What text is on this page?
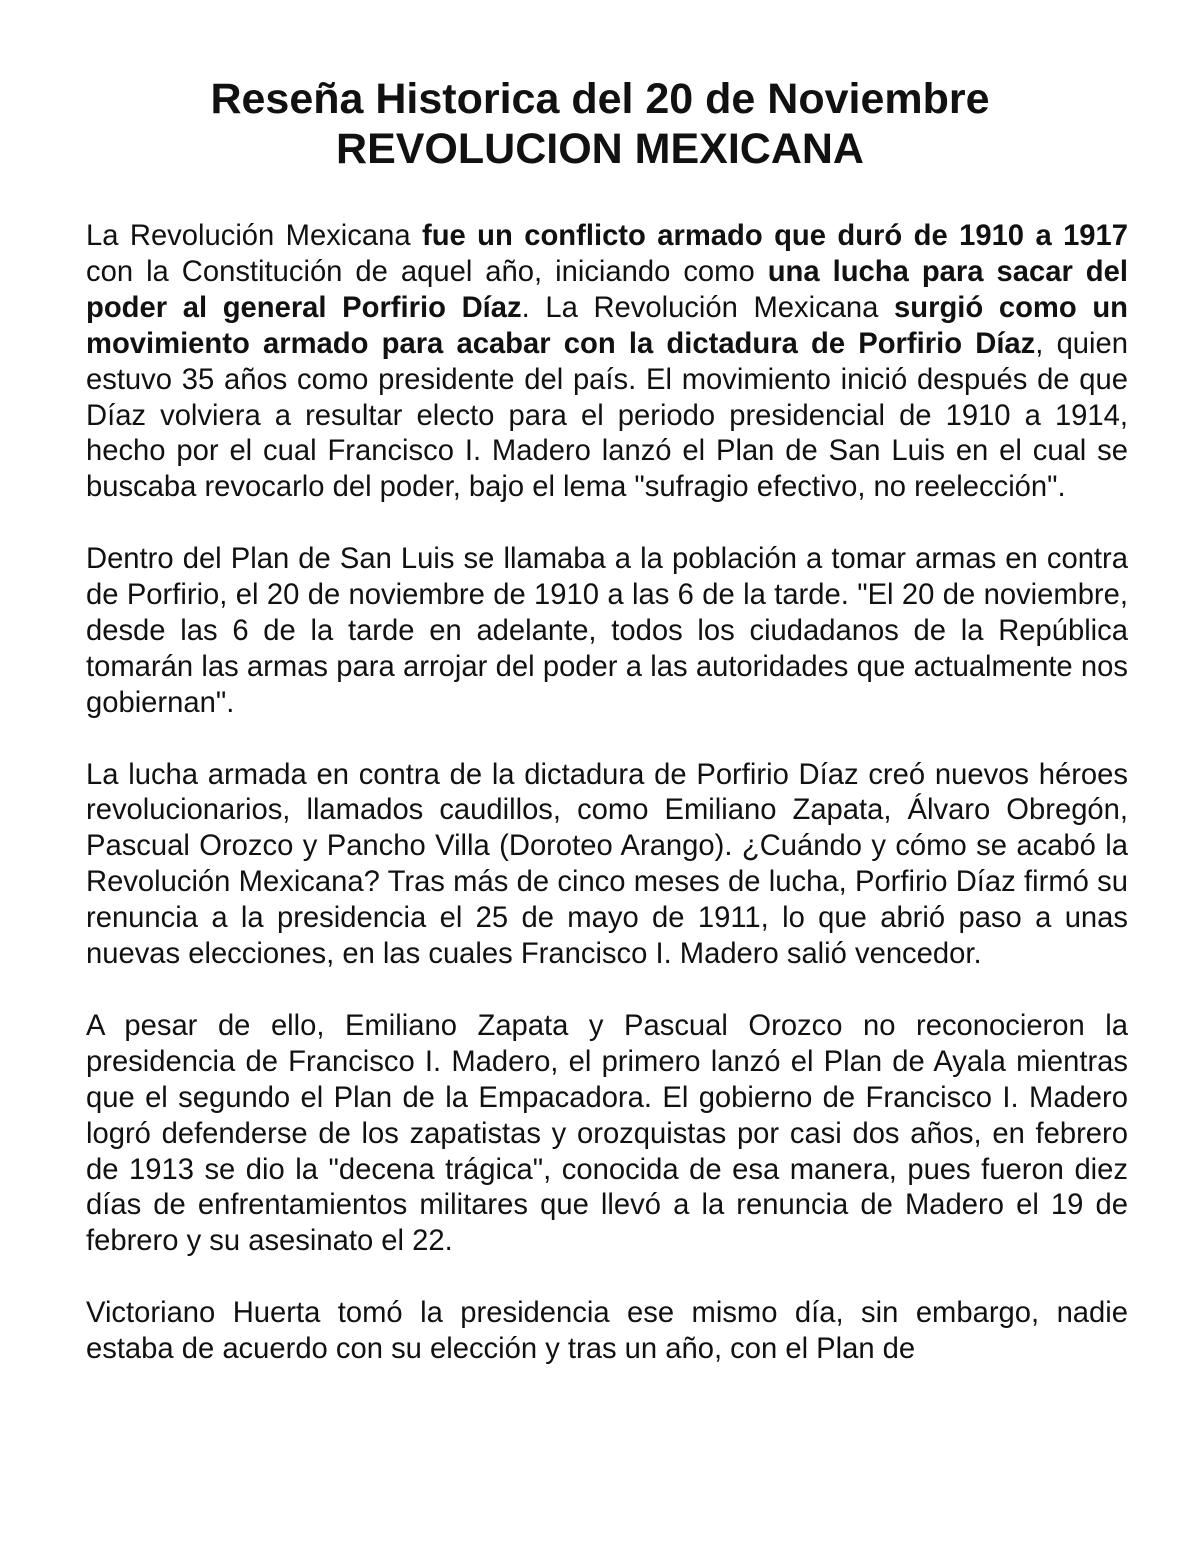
Reseña Historica del 20 de Noviembre
REVOLUCION MEXICANA

La Revolución Mexicana fue un conflicto armado que duró de 1910 a 1917 con la Constitución de aquel año, iniciando como una lucha para sacar del poder al general Porfirio Díaz. La Revolución Mexicana surgió como un movimiento armado para acabar con la dictadura de Porfirio Díaz, quien estuvo 35 años como presidente del país. El movimiento inició después de que Díaz volviera a resultar electo para el periodo presidencial de 1910 a 1914, hecho por el cual Francisco I. Madero lanzó el Plan de San Luis en el cual se buscaba revocarlo del poder, bajo el lema "sufragio efectivo, no reelección".

Dentro del Plan de San Luis se llamaba a la población a tomar armas en contra de Porfirio, el 20 de noviembre de 1910 a las 6 de la tarde. "El 20 de noviembre, desde las 6 de la tarde en adelante, todos los ciudadanos de la República tomarán las armas para arrojar del poder a las autoridades que actualmente nos gobiernan".

La lucha armada en contra de la dictadura de Porfirio Díaz creó nuevos héroes revolucionarios, llamados caudillos, como Emiliano Zapata, Álvaro Obregón, Pascual Orozco y Pancho Villa (Doroteo Arango). ¿Cuándo y cómo se acabó la Revolución Mexicana? Tras más de cinco meses de lucha, Porfirio Díaz firmó su renuncia a la presidencia el 25 de mayo de 1911, lo que abrió paso a unas nuevas elecciones, en las cuales Francisco I. Madero salió vencedor.

A pesar de ello, Emiliano Zapata y Pascual Orozco no reconocieron la presidencia de Francisco I. Madero, el primero lanzó el Plan de Ayala mientras que el segundo el Plan de la Empacadora. El gobierno de Francisco I. Madero logró defenderse de los zapatistas y orozquistas por casi dos años, en febrero de 1913 se dio la "decena trágica", conocida de esa manera, pues fueron diez días de enfrentamientos militares que llevó a la renuncia de Madero el 19 de febrero y su asesinato el 22.

Victoriano Huerta tomó la presidencia ese mismo día, sin embargo, nadie estaba de acuerdo con su elección y tras un año, con el Plan de
